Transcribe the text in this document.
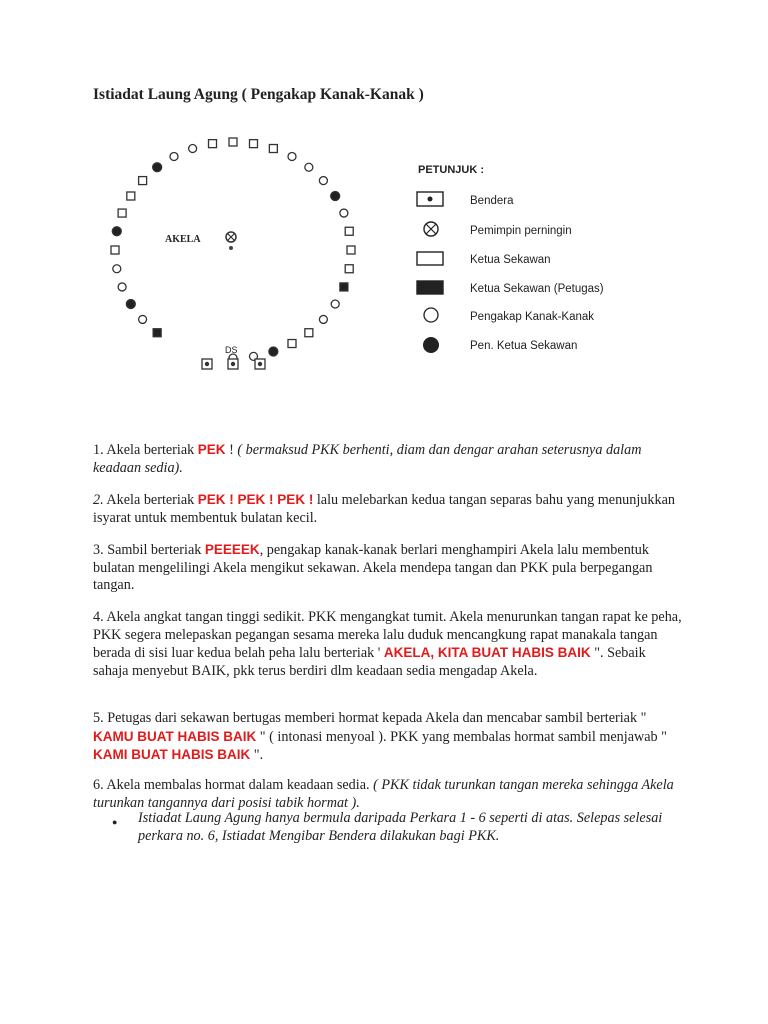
Istiadat Laung Agung ( Pengakap Kanak-Kanak )
AKELA
DS
PETUNJUK :
Bendera
Pemimpin perningin
Ketua Sekawan
Ketua Sekawan (Petugas)
Pengakap Kanak-Kanak
Pen. Ketua Sekawan

1. Akela berteriak PEK ! ( bermaksud PKK berhenti, diam dan dengar arahan seterusnya dalam keadaan sedia).

2. Akela berteriak PEK ! PEK ! PEK ! lalu melebarkan kedua tangan separas bahu yang menunjukkan isyarat untuk membentuk bulatan kecil.

3. Sambil berteriak PEEEEK, pengakap kanak-kanak berlari menghampiri Akela lalu membentuk bulatan mengelilingi Akela mengikut sekawan. Akela mendepa tangan dan PKK pula berpegangan tangan.

4. Akela angkat tangan tinggi sedikit. PKK mengangkat tumit. Akela menurunkan tangan rapat ke peha, PKK segera melepaskan pegangan sesama mereka lalu duduk mencangkung rapat manakala tangan berada di sisi luar kedua belah peha lalu berteriak ' AKELA, KITA BUAT HABIS BAIK ". Sebaik sahaja menyebut BAIK, pkk terus berdiri dlm keadaan sedia mengadap Akela.

5. Petugas dari sekawan bertugas memberi hormat kepada Akela dan mencabar sambil berteriak " KAMU BUAT HABIS BAIK " ( intonasi menyoal ). PKK yang membalas hormat sambil menjawab " KAMI BUAT HABIS BAIK ".

6. Akela membalas hormat dalam keadaan sedia. ( PKK tidak turunkan tangan mereka sehingga Akela turunkan tangannya dari posisi tabik hormat ).

● Istiadat Laung Agung hanya bermula daripada Perkara 1 - 6 seperti di atas. Selepas selesai perkara no. 6, Istiadat Mengibar Bendera dilakukan bagi PKK.
